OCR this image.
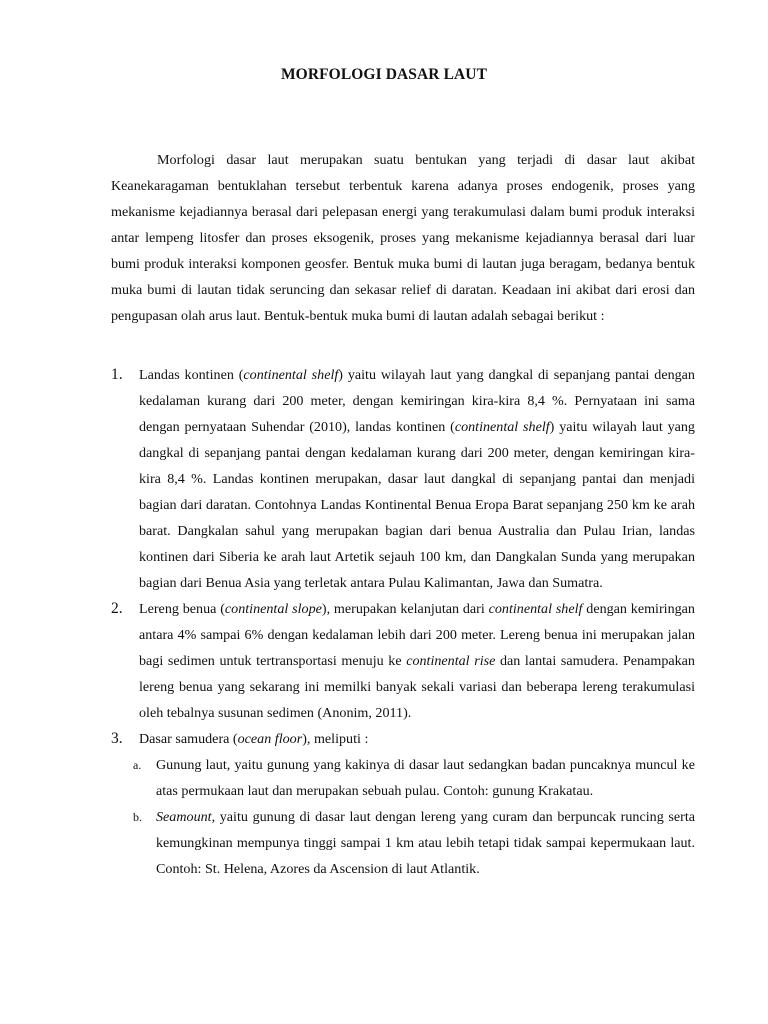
MORFOLOGI DASAR LAUT

Morfologi dasar laut merupakan suatu bentukan yang terjadi di dasar laut akibat Keanekaragaman bentuklahan tersebut terbentuk karena adanya proses endogenik, proses yang mekanisme kejadiannya berasal dari pelepasan energi yang terakumulasi dalam bumi produk interaksi antar lempeng litosfer dan proses eksogenik, proses yang mekanisme kejadiannya berasal dari luar bumi produk interaksi komponen geosfer. Bentuk muka bumi di lautan juga beragam, bedanya bentuk muka bumi di lautan tidak seruncing dan sekasar relief di daratan. Keadaan ini akibat dari erosi dan pengupasan olah arus laut. Bentuk-bentuk muka bumi di lautan adalah sebagai berikut :

1. Landas kontinen (continental shelf) yaitu wilayah laut yang dangkal di sepanjang pantai dengan kedalaman kurang dari 200 meter, dengan kemiringan kira-kira 8,4 %. Pernyataan ini sama dengan pernyataan Suhendar (2010), landas kontinen (continental shelf) yaitu wilayah laut yang dangkal di sepanjang pantai dengan kedalaman kurang dari 200 meter, dengan kemiringan kira-kira 8,4 %. Landas kontinen merupakan, dasar laut dangkal di sepanjang pantai dan menjadi bagian dari daratan. Contohnya Landas Kontinental Benua Eropa Barat sepanjang 250 km ke arah barat. Dangkalan sahul yang merupakan bagian dari benua Australia dan Pulau Irian, landas kontinen dari Siberia ke arah laut Artetik sejauh 100 km, dan Dangkalan Sunda yang merupakan bagian dari Benua Asia yang terletak antara Pulau Kalimantan, Jawa dan Sumatra.
2. Lereng benua (continental slope), merupakan kelanjutan dari continental shelf dengan kemiringan antara 4% sampai 6% dengan kedalaman lebih dari 200 meter. Lereng benua ini merupakan jalan bagi sedimen untuk tertransportasi menuju ke continental rise dan lantai samudera. Penampakan lereng benua yang sekarang ini memilki banyak sekali variasi dan beberapa lereng terakumulasi oleh tebalnya susunan sedimen (Anonim, 2011).
3. Dasar samudera (ocean floor), meliputi :
a. Gunung laut, yaitu gunung yang kakinya di dasar laut sedangkan badan puncaknya muncul ke atas permukaan laut dan merupakan sebuah pulau. Contoh: gunung Krakatau.
b. Seamount, yaitu gunung di dasar laut dengan lereng yang curam dan berpuncak runcing serta kemungkinan mempunya tinggi sampai 1 km atau lebih tetapi tidak sampai kepermukaan laut. Contoh: St. Helena, Azores da Ascension di laut Atlantik.
